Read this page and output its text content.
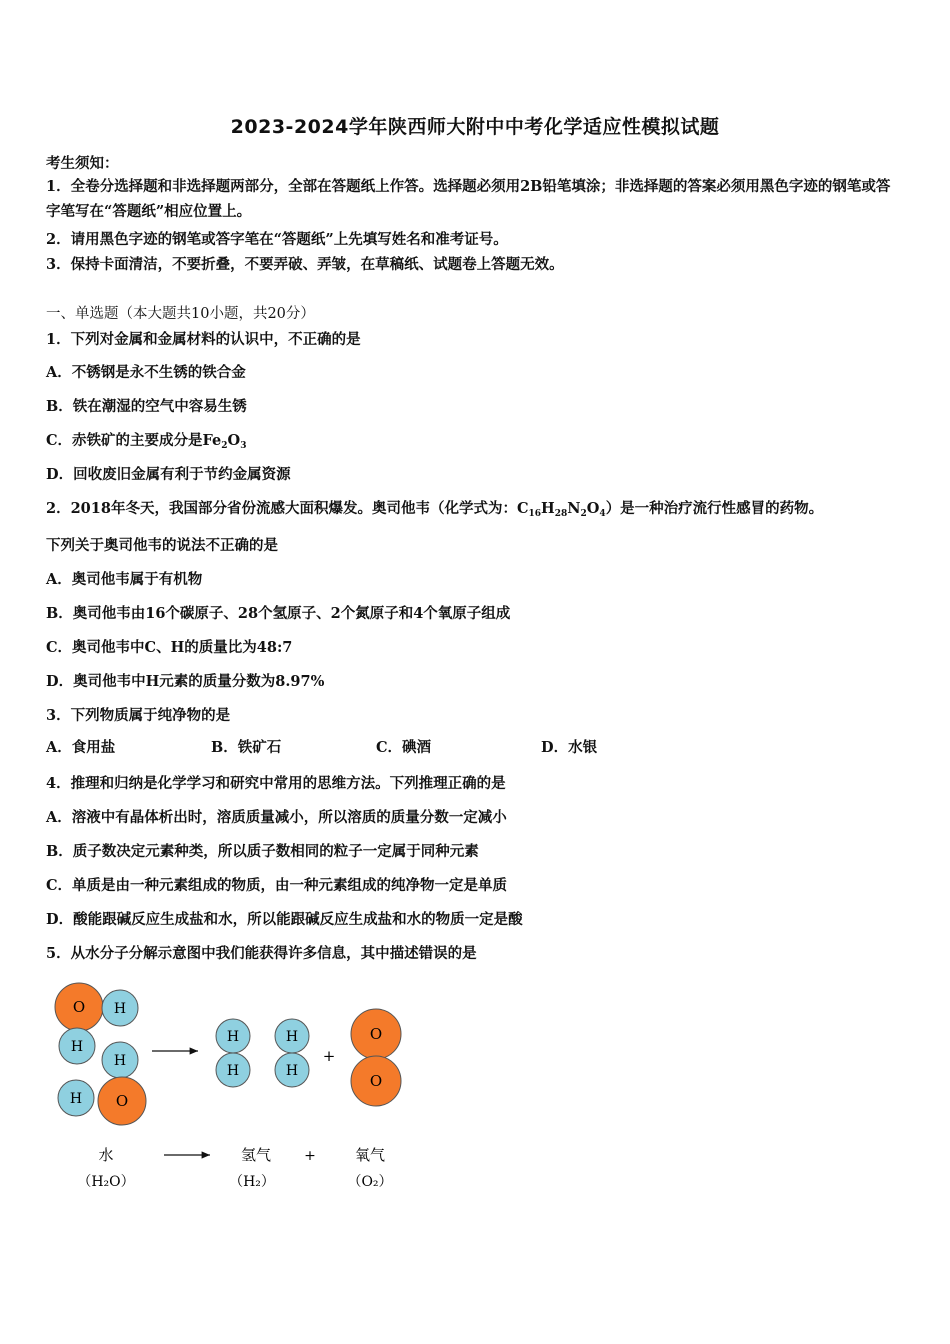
2023-2024学年陕西师大附中中考化学适应性模拟试题
考生须知：
1．全卷分选择题和非选择题两部分，全部在答题纸上作答。选择题必须用2B铅笔填涂；非选择题的答案必须用黑色字迹的钢笔或答字笔写在“答题纸”相应位置上。
2．请用黑色字迹的钢笔或答字笔在“答题纸”上先填写姓名和准考证号。
3．保持卡面清洁，不要折叠，不要弄破、弄皱，在草稿纸、试题卷上答题无效。
一、单选题（本大题共10小题，共20分）
1．下列对金属和金属材料的认识中，不正确的是
A．不锈钢是永不生锈的铁合金
B．铁在潮湿的空气中容易生锈
C．赤铁矿的主要成分是$Fe_2O_3$
D．回收废旧金属有利于节约金属资源
2．2018年冬天，我国部分省份流感大面积爆发。奥司他韦（化学式为：$C_{16}H_{28}N_2O_4$）是一种治疗流行性感冒的药物。
下列关于奥司他韦的说法不正确的是
A．奥司他韦属于有机物
B．奥司他韦由16个碳原子、28个氢原子、2个氮原子和4个氧原子组成
C．奥司他韦中C、H的质量比为48:7
D．奥司他韦中H元素的质量分数为8.97%
3．下列物质属于纯净物的是
A．食用盐	B．铁矿石	C．碘酒	D．水银
4．推理和归纳是化学学习和研究中常用的思维方法。下列推理正确的是
A．溶液中有晶体析出时，溶质质量减小，所以溶质的质量分数一定减小
B．质子数决定元素种类，所以质子数相同的粒子一定属于同种元素
C．单质是由一种元素组成的物质，由一种元素组成的纯净物一定是单质
D．酸能跟碱反应生成盐和水，所以能跟碱反应生成盐和水的物质一定是酸
5．从水分子分解示意图中我们能获得许多信息，其中描述错误的是
O H
H
H
H O
H
H
H
H
+
O
O
水	氢气 +	氧气
（H₂O）	（H₂）	（O₂）
